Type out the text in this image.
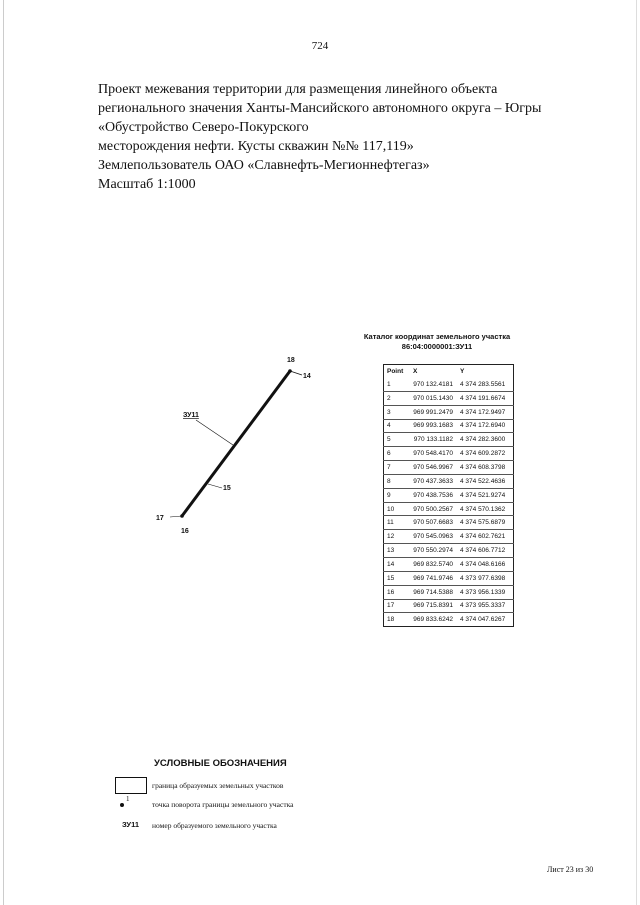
724
Проект межевания территории для размещения линейного объекта
регионального значения Ханты-Мансийского автономного округа – Югры
«Обустройство Северо-Покурского
месторождения нефти. Кусты скважин №№ 117,119»
Землепользователь ОАО «Славнефть-Мегионнефтегаз»
Масштаб 1:1000
18
14
15
17
16
ЗУ11
Каталог координат земельного участка
86:04:0000001:ЗУ11
Point	X	Y
1	970 132.4181	4 374 283.5561
2	970 015.1430	4 374 191.6674
3	969 991.2479	4 374 172.9497
4	969 993.1683	4 374 172.6940
5	970 133.1182	4 374 282.3600
6	970 548.4170	4 374 609.2872
7	970 546.9967	4 374 608.3798
8	970 437.3633	4 374 522.4636
9	970 438.7536	4 374 521.9274
10	970 500.2567	4 374 570.1362
11	970 507.6683	4 374 575.6879
12	970 545.0963	4 374 602.7621
13	970 550.2974	4 374 606.7712
14	969 832.5740	4 374 048.6166
15	969 741.9746	4 373 977.6398
16	969 714.5388	4 373 956.1339
17	969 715.8391	4 373 955.3337
18	969 833.6242	4 374 047.6267
УСЛОВНЫЕ ОБОЗНАЧЕНИЯ
граница образуемых земельных участков
1
точка поворота границы земельного участка
ЗУ11 номер образуемого земельного участка
Лист 23 из 30
